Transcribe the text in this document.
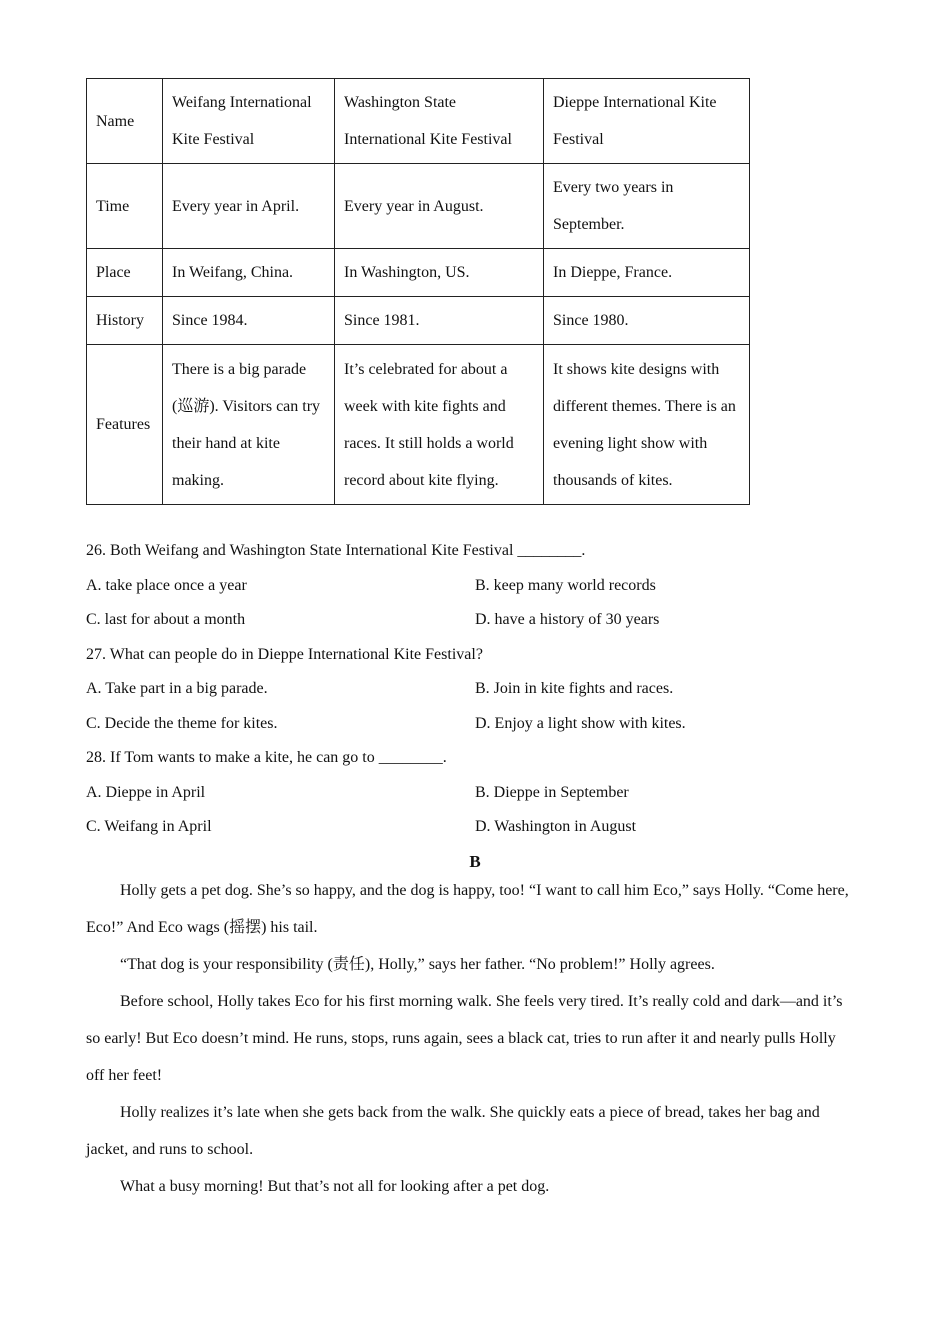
Name	Weifang International Kite Festival	Washington State International Kite Festival	Dieppe International Kite Festival
Time	Every year in April.	Every year in August.	Every two years in September.
Place	In Weifang, China.	In Washington, US.	In Dieppe, France.
History	Since 1984.	Since 1981.	Since 1980.
Features	There is a big parade (巡游). Visitors can try their hand at kite making.	It’s celebrated for about a week with kite fights and races. It still holds a world record about kite flying.	It shows kite designs with different themes. There is an evening light show with thousands of kites.
26. Both Weifang and Washington State International Kite Festival ________.
A. take place once a year	B. keep many world records
C. last for about a month	D. have a history of 30 years
27. What can people do in Dieppe International Kite Festival?
A. Take part in a big parade.	B. Join in kite fights and races.
C. Decide the theme for kites.	D. Enjoy a light show with kites.
28. If Tom wants to make a kite, he can go to ________.
A. Dieppe in April	B. Dieppe in September
C. Weifang in April	D. Washington in August
B

Holly gets a pet dog. She’s so happy, and the dog is happy, too! “I want to call him Eco,” says Holly. “Come here, Eco!” And Eco wags (摇摆) his tail.

“That dog is your responsibility (责任), Holly,” says her father. “No problem!” Holly agrees.

Before school, Holly takes Eco for his first morning walk. She feels very tired. It’s really cold and dark—and it’s so early! But Eco doesn’t mind. He runs, stops, runs again, sees a black cat, tries to run after it and nearly pulls Holly off her feet!

Holly realizes it’s late when she gets back from the walk. She quickly eats a piece of bread, takes her bag and jacket, and runs to school.

What a busy morning! But that’s not all for looking after a pet dog.
